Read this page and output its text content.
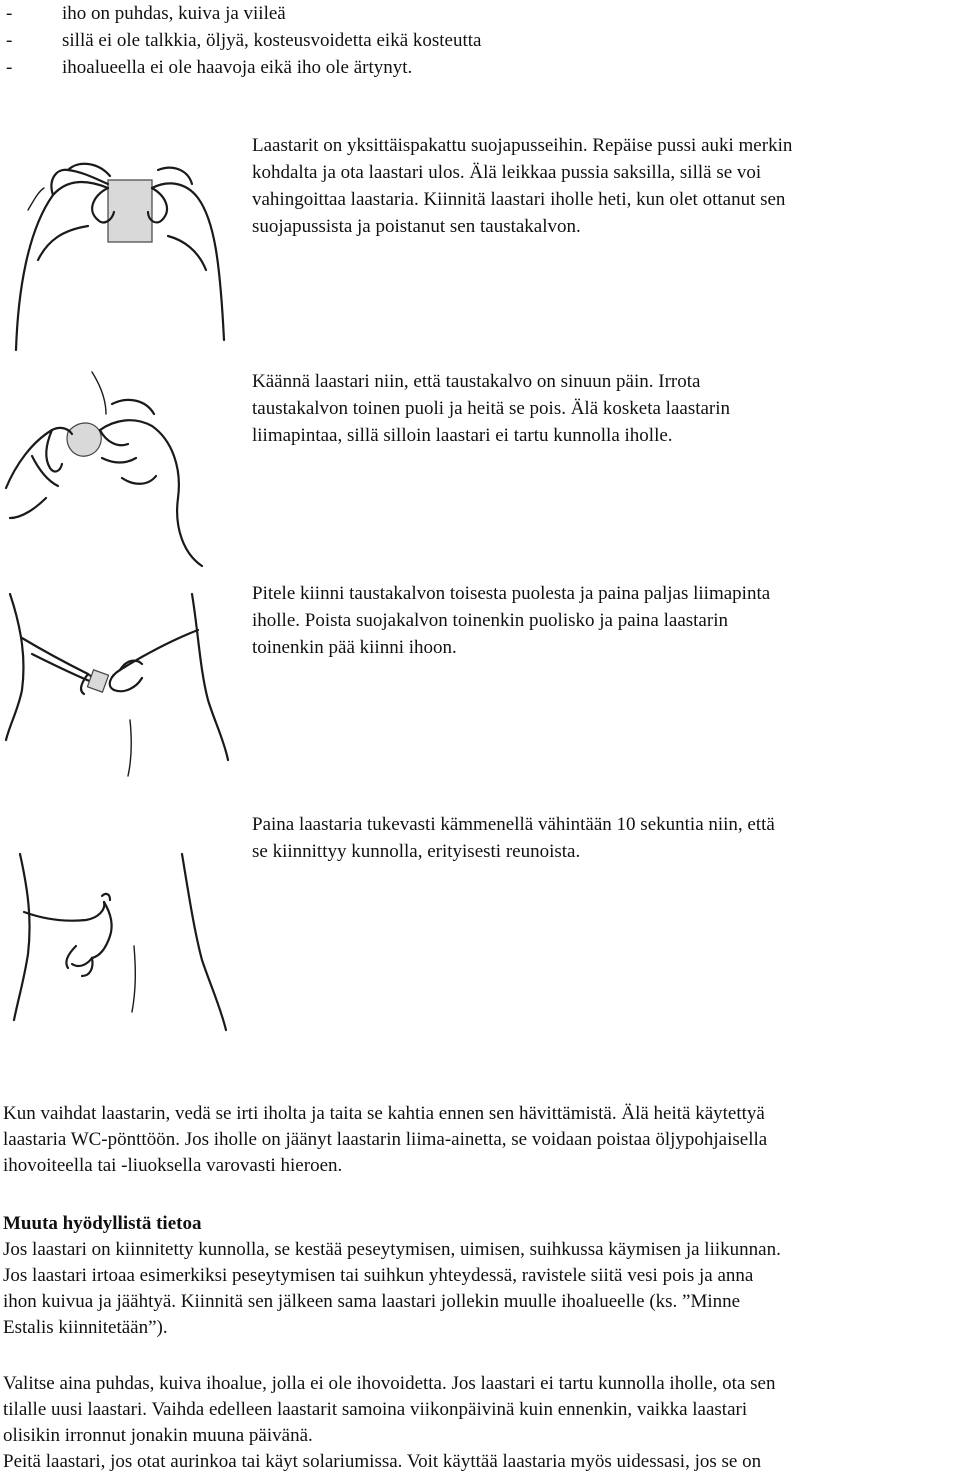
-	iho on puhdas, kuiva ja viileä
-	sillä ei ole talkkia, öljyä, kosteusvoidetta eikä kosteutta
-	ihoalueella ei ole haavoja eikä iho ole ärtynyt.
Laastarit on yksittäispakattu suojapusseihin. Repäise pussi auki merkin
kohdalta ja ota laastari ulos. Älä leikkaa pussia saksilla, sillä se voi
vahingoittaa laastaria. Kiinnitä laastari iholle heti, kun olet ottanut sen
suojapussista ja poistanut sen taustakalvon.
Käännä laastari niin, että taustakalvo on sinuun päin. Irrota
taustakalvon toinen puoli ja heitä se pois. Älä kosketa laastarin
liimapintaa, sillä silloin laastari ei tartu kunnolla iholle.
Pitele kiinni taustakalvon toisesta puolesta ja paina paljas liimapinta
iholle. Poista suojakalvon toinenkin puolisko ja paina laastarin
toinenkin pää kiinni ihoon.
Paina laastaria tukevasti kämmenellä vähintään 10 sekuntia niin, että
se kiinnittyy kunnolla, erityisesti reunoista.
Kun vaihdat laastarin, vedä se irti iholta ja taita se kahtia ennen sen hävittämistä. Älä heitä käytettyä
laastaria WC-pönttöön. Jos iholle on jäänyt laastarin liima-ainetta, se voidaan poistaa öljypohjaisella
ihovoiteella tai -liuoksella varovasti hieroen.
Muuta hyödyllistä tietoa
Jos laastari on kiinnitetty kunnolla, se kestää peseytymisen, uimisen, suihkussa käymisen ja liikunnan.
Jos laastari irtoaa esimerkiksi peseytymisen tai suihkun yhteydessä, ravistele siitä vesi pois ja anna
ihon kuivua ja jäähtyä. Kiinnitä sen jälkeen sama laastari jollekin muulle ihoalueelle (ks. ”Minne
Estalis kiinnitetään”).
Valitse aina puhdas, kuiva ihoalue, jolla ei ole ihovoidetta. Jos laastari ei tartu kunnolla iholle, ota sen
tilalle uusi laastari. Vaihda edelleen laastarit samoina viikonpäivinä kuin ennenkin, vaikka laastari
olisikin irronnut jonakin muuna päivänä.
Peitä laastari, jos otat aurinkoa tai käyt solariumissa. Voit käyttää laastaria myös uidessasi, jos se on
